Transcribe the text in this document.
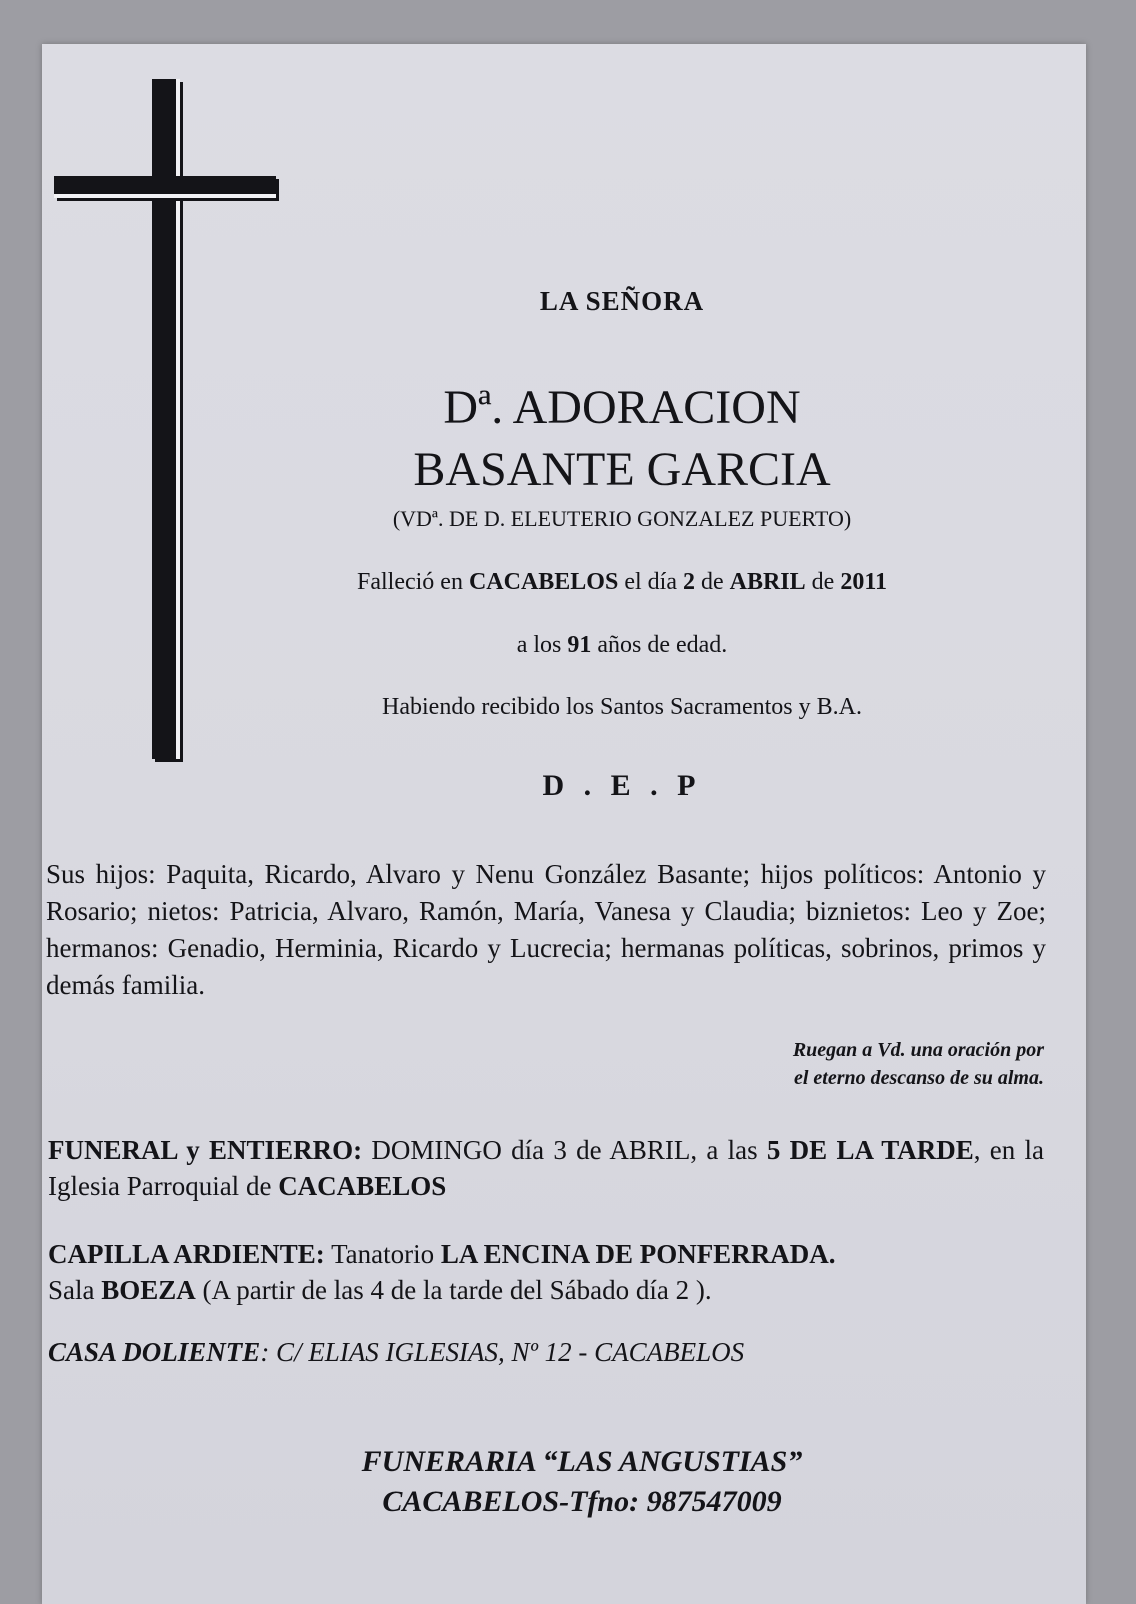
LA SEÑORA
Dª. ADORACION
BASANTE GARCIA
(VDª. DE D. ELEUTERIO GONZALEZ PUERTO)
Falleció en CACABELOS el día 2 de ABRIL de 2011
a los 91 años de edad.
Habiendo recibido los Santos Sacramentos y B.A.
D . E . P
Sus hijos: Paquita, Ricardo, Alvaro y Nenu González Basante; hijos políticos: Antonio y Rosario; nietos: Patricia, Alvaro, Ramón, María, Vanesa y Claudia; biznietos: Leo y Zoe; hermanos: Genadio, Herminia, Ricardo y Lucrecia; hermanas políticas, sobrinos, primos y demás familia.
Ruegan a Vd. una oración por
el eterno descanso de su alma.
FUNERAL y ENTIERRO: DOMINGO día 3 de ABRIL, a las 5 DE LA TARDE, en la Iglesia Parroquial de CACABELOS
CAPILLA ARDIENTE: Tanatorio LA ENCINA DE PONFERRADA.
Sala BOEZA (A partir de las 4 de la tarde del Sábado día 2 ).
CASA DOLIENTE: C/ ELIAS IGLESIAS, Nº 12 - CACABELOS
FUNERARIA “LAS ANGUSTIAS”
CACABELOS-Tfno: 987547009
